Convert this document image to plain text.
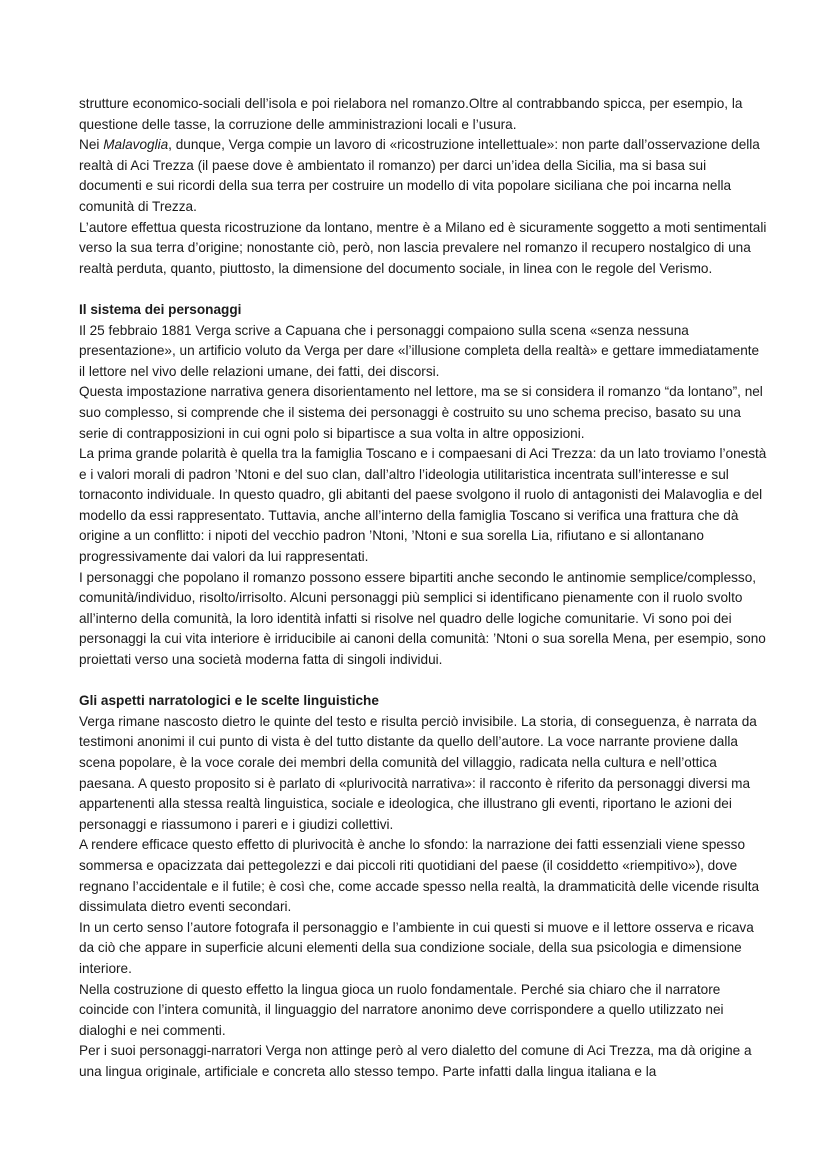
strutture economico-sociali dell’isola e poi rielabora nel romanzo.Oltre al contrabbando spicca, per esempio, la questione delle tasse, la corruzione delle amministrazioni locali e l’usura.

Nei Malavoglia, dunque, Verga compie un lavoro di «ricostruzione intellettuale»: non parte dall’osservazione della realtà di Aci Trezza (il paese dove è ambientato il romanzo) per darci un’idea della Sicilia, ma si basa sui documenti e sui ricordi della sua terra per costruire un modello di vita popolare siciliana che poi incarna nella comunità di Trezza.

L’autore effettua questa ricostruzione da lontano, mentre è a Milano ed è sicuramente soggetto a moti sentimentali verso la sua terra d’origine; nonostante ciò, però, non lascia prevalere nel romanzo il recupero nostalgico di una realtà perduta, quanto, piuttosto, la dimensione del documento sociale, in linea con le regole del Verismo.

Il sistema dei personaggi

Il 25 febbraio 1881 Verga scrive a Capuana che i personaggi compaiono sulla scena «senza nessuna presentazione», un artificio voluto da Verga per dare «l’illusione completa della realtà» e gettare immediatamente il lettore nel vivo delle relazioni umane, dei fatti, dei discorsi.

Questa impostazione narrativa genera disorientamento nel lettore, ma se si considera il romanzo “da lontano”, nel suo complesso, si comprende che il sistema dei personaggi è costruito su uno schema preciso, basato su una serie di contrapposizioni in cui ogni polo si bipartisce a sua volta in altre opposizioni.

La prima grande polarità è quella tra la famiglia Toscano e i compaesani di Aci Trezza: da un lato troviamo l’onestà e i valori morali di padron ’Ntoni e del suo clan, dall’altro l’ideologia utilitaristica incentrata sull’interesse e sul tornaconto individuale. In questo quadro, gli abitanti del paese svolgono il ruolo di antagonisti dei Malavoglia e del modello da essi rappresentato. Tuttavia, anche all’interno della famiglia Toscano si verifica una frattura che dà origine a un conflitto: i nipoti del vecchio padron ’Ntoni, ’Ntoni e sua sorella Lia, rifiutano e si allontanano progressivamente dai valori da lui rappresentati.

I personaggi che popolano il romanzo possono essere bipartiti anche secondo le antinomie semplice/complesso, comunità/individuo, risolto/irrisolto. Alcuni personaggi più semplici si identificano pienamente con il ruolo svolto all’interno della comunità, la loro identità infatti si risolve nel quadro delle logiche comunitarie. Vi sono poi dei personaggi la cui vita interiore è irriducibile ai canoni della comunità: ’Ntoni o sua sorella Mena, per esempio, sono proiettati verso una società moderna fatta di singoli individui.

Gli aspetti narratologici e le scelte linguistiche

Verga rimane nascosto dietro le quinte del testo e risulta perciò invisibile. La storia, di conseguenza, è narrata da testimoni anonimi il cui punto di vista è del tutto distante da quello dell’autore. La voce narrante proviene dalla scena popolare, è la voce corale dei membri della comunità del villaggio, radicata nella cultura e nell’ottica paesana. A questo proposito si è parlato di «plurivocità narrativa»: il racconto è riferito da personaggi diversi ma appartenenti alla stessa realtà linguistica, sociale e ideologica, che illustrano gli eventi, riportano le azioni dei personaggi e riassumono i pareri e i giudizi collettivi.

A rendere efficace questo effetto di plurivocità è anche lo sfondo: la narrazione dei fatti essenziali viene spesso sommersa e opacizzata dai pettegolezzi e dai piccoli riti quotidiani del paese (il cosiddetto «riempitivo»), dove regnano l’accidentale e il futile; è così che, come accade spesso nella realtà, la drammaticità delle vicende risulta dissimulata dietro eventi secondari.

In un certo senso l’autore fotografa il personaggio e l’ambiente in cui questi si muove e il lettore osserva e ricava da ciò che appare in superficie alcuni elementi della sua condizione sociale, della sua psicologia e dimensione interiore.

Nella costruzione di questo effetto la lingua gioca un ruolo fondamentale. Perché sia chiaro che il narratore coincide con l’intera comunità, il linguaggio del narratore anonimo deve corrispondere a quello utilizzato nei dialoghi e nei commenti.

Per i suoi personaggi-narratori Verga non attinge però al vero dialetto del comune di Aci Trezza, ma dà origine a una lingua originale, artificiale e concreta allo stesso tempo. Parte infatti dalla lingua italiana e la
